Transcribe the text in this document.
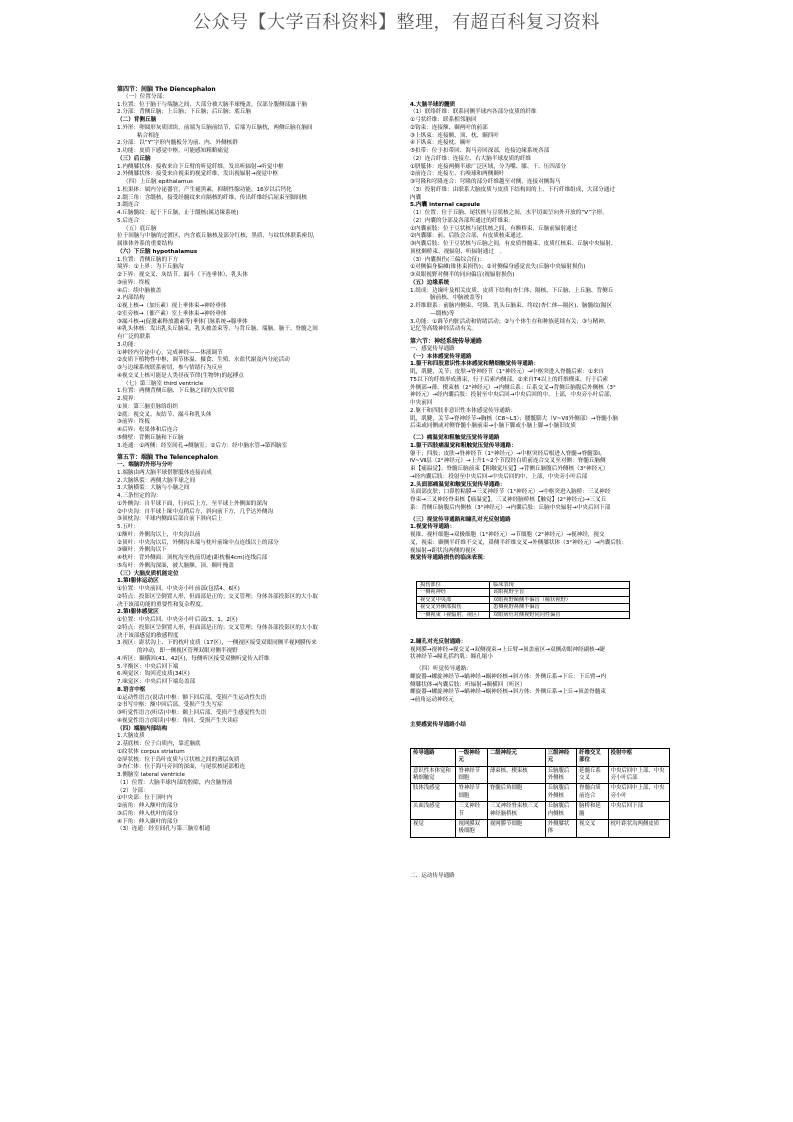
公众号【大学百科资料】整理，有超百科复习资料
第四节：间脑 The Diencephalon
（一）位置分部：
1.位置：位于脑干与端脑之间，大部分被大脑半球掩盖，仅部分腹侧部露于脑
2.分部：背侧丘脑；上丘脑；下丘脑；后丘脑；底丘脑
（二）背侧丘脑
1.外形：卵圆形灰质团块，前端为丘脑前结节，后端为丘脑枕，两侧丘脑在脑间
粘合相连
2.分部：以“Y”字形内髓板分为前、内、外侧核群
3.功能：皮质下感觉中枢，可能感知粗略痛觉
（三）后丘脑
1.内侧膝状体：接收来自下丘臂的听觉纤维，发出听辐射→听觉中枢
2.外侧膝状体：接受来自视束的视觉纤维，发出视辐射→视觉中枢
（四）上丘脑 epithalamus
1.松果体：属内分泌器官，产生褪黑素，抑制性腺功能，16岁以后钙化
2.缰三角：含缰核，接受经髓纹来自隔核的纤维，传出纤维经后屈束至脚间核
3.缰连合
4.丘脑髓纹：起于下丘脑，止于缰核(属边缘系统)
5.后连合
（五）底丘脑
位于间脑与中脑的过渡区，内含底丘脑核及部分红核、黑质，与纹状体联系密切，
属锥体外系的重要结构
（六）下丘脑 hypothalamus
1.位置：背侧丘脑的下方
境界：①上界：为下丘脑沟
②下界：视交叉、灰结节、漏斗（下连垂体）、乳头体
③前界：终板
④后：续中脑被盖
2.内部结构
①视上核→（加压素）视上垂体束→神经垂体
②室旁核→（催产素）室上垂体束→神经垂体
③漏斗核→(促激素释放激素等)垂体门脉系统→腺垂体
④乳头体核：发出乳头丘脑束，乳头被盖束等，与背丘脑、端脑、脑干、脊髓之间
有广泛的联系
3.功能：
①神经内分泌中心，完成神经——体液调节
②皮质下植物性中枢，调节体温、摄食、生殖、水盐代谢及内分泌活动
③与边缘系统联系密切，参与情绪行为反应
④视交叉上核可能是人类昼夜节律(生物钟)的起搏点
（七）第三脑室 third ventricle
1.位置：两侧背侧丘脑、下丘脑之间的矢状窄隙
2.境界：
①顶：第三脑室脉络组织
②底：视交叉、灰结节、漏斗和乳头体
③前界：终板
④后界：松果体和后连合
⑤侧壁：背侧丘脑和下丘脑
3.连通：①两侧：经室间孔→侧脑室；②后方：经中脑水管→第四脑室
第五节：端脑 The Telencephalon
一、端脑的外形与分叶
1.端脑由两大脑半球借胼胝体连接而成
2.大脑纵裂：两侧大脑半球之间
3.大脑横裂：大脑与小脑之间
4.三条恒定的沟：
①外侧沟：自半球下面，行向后上方，至半球上外侧面的深沟
②中央沟：自半球上缘中点稍后方，斜向前下方，几乎达外侧沟
③顶枕沟：半球内侧面后部自前下斜向后上
5.五叶：
①额叶：外侧沟以上，中央沟以前
②顶叶：中央沟以后，外侧沟末端与枕叶前缘中点连线以上的部分
③颞叶：外侧沟以下
④枕叶：背外侧面：顶枕沟至枕前切迹(距枕极4cm)连线后部
⑤岛叶：外侧沟深面，被大脑额、顶、颞叶掩盖
（三）大脑皮质机能定位
1.第I躯体运动区
①位置：中央前回、中央旁小叶前部(包括4、6区)
②特点：投影区呈倒置人形，但面部是正的；交叉管理；身体各部投影区的大小取
决于该部功能的重要性和复杂程度。
2.第I躯体感觉区
①位置：中央后回、中央旁小叶后部(3、1、2区)
②特点：投影区呈倒置人形，但面部是正的；交叉管理；身体各部投影区的大小取
决于该部感觉的敏感程度
3.视区：距状沟上、下的枕叶皮质（17区），一侧视区接受双眼同侧半视网膜传来
的冲动，即一侧视区管理双眼对侧半视野
4.听区：颞横回(41、42区)，每侧听区接受双侧听觉传入纤维
5.平衡区：中央后回下端
6.嗅觉区：钩回近皮质(34区)
7.味觉区：中央后回下端岛盖部
8.语言中枢
①运动性语言(说话)中枢：额下回后部，受损产生运动性失语
②书写中枢：额中回后部，受损产生失写症
③听觉性语言(听话)中枢：颞上回后部，受损产生感觉性失语
④视觉性语言(阅读)中枢：角回，受损产生失读症
（四）端脑内部结构
1.大脑皮质
2.基底核：位于白质内，靠近脑底
①纹状体 corpus striatum
②屏状核：位于岛叶皮质与豆状核之间的薄层灰质
③杏仁体：位于海马旁回的深面，与尾状核尾部相连
3.侧脑室 lateral ventricle
（1）位置：大脑半球内部的腔隙，内含脑脊液
（2）分部：
①中央部：位于顶叶内
②前角：伸入额叶的部分
③后角：伸入枕叶的部分
④下角：伸入颞叶的部分
（3）连通：经室间孔与第三脑室相通

4.大脑半球的髓质
（1）联络纤维：联系同侧半球内各部分皮质的纤维
①弓状纤维：联系相邻脑回
②钩束：连接额、颞两叶的前部
③上纵束：连接额、顶、枕、颞四叶
④下纵束：连接枕、颞叶
⑤扣带：位于扣带回、海马旁回深部，连接边缘系统各部
（2）连合纤维：连接左、右大脑半球皮质的纤维
①胼胝体：连接两侧半球广泛区域，分为嘴、膝、干、压四部分
②前连合：连接左、右嗅球和两侧颞叶
③穹隆和穹隆连合：穹隆的部分纤维越至对侧，连接对侧海马
（3）投射纤维：由联系大脑皮质与皮质下结构间的上、下行纤维组成，大部分通过
内囊
5.内囊 internal capsule
（1）位置：位于丘脑、尾状核与豆状核之间，水平切面呈向外开放的“V”字形。
（2）内囊的分部及各部所通过的纤维束：
①内囊前肢：位于豆状核与尾状核之间，有额桥束、丘脑前辐射通过
②内囊膝：前、后肢会合部，有皮质核束通过。
③内囊后肢：位于豆状核与丘脑之间，有皮质脊髓束、皮质红核束、丘脑中央辐射、
顶枕颞桥束、视辐射、听辐射通过　。
（3）内囊损伤(三偏综合征)：
①对侧偏身偏瘫(锥体束损伤)；②对侧偏身感觉丧失(丘脑中央辐射损伤)
③双眼视野对侧半的同向偏盲(视辐射损伤)
（五）边缘系统
1.组成：边缘叶及相关皮质、皮质下结构(杏仁体、隔核、下丘脑、上丘脑、背侧丘
脑前核、中脑被盖等)
2.纤维联系：前脑内侧束、穹隆、乳头丘脑束、终纹(杏仁体—隔区)、脑髓纹(隔区
—缰核)等
3.功能：①调节内脏活动和情绪活动；②与个体生存和种族延续有关；③与精神、
记忆等高级神经活动有关。
第六节：神经系统传导通路
一、感觉传导通路
（一）本体感觉传导通路
1.躯干和四肢意识性本体感觉和精细触觉传导通路：
肌，肌腱，关节；皮肤→脊神经节（1°神经元）→中枢突进入脊髓后索：①来自
T5以下的纤维形成薄束，行于后索内侧部。②来自T4以上的纤维楔束，行于后索
外侧部→薄、楔束核（2°神经元）→内侧丘系：丘系交叉→背侧丘脑腹后外侧核（3°
神经元）→经内囊后肢：投射至中央后回→中央后回的中、上部，中央旁小叶后部，
中央前回
2.躯干和四肢非意识性本体感觉传导通路：
肌，肌腱，关节→脊神经节→胸核（C8~L3）；腰骶膨大（V~VII外侧部）→脊髓小脑
后束或同侧或对侧脊髓小脑前束→小脑下脚或小脑上脚→小脑旧皮质
（二）痛温觉和粗触觉压觉传导通路
1.躯干四肢痛温觉和粗触觉压觉传导通路：
躯干；四肢；皮肤→脊神经节（1°神经元）→中枢突经后根进入脊髓→脊髓第Ⅰ,
Ⅳ~Ⅶ层（2°神经元）→上升1~2个节段经白质前连合交叉至对侧：脊髓丘脑侧
束【痛温觉】；脊髓丘脑前束【粗触觉压觉】→背侧丘脑腹后外侧核（3°神经元）
→经内囊后肢：投射至中央后回→中央后回的中、上部，中央旁小叶后部
2.头面部痛温觉和触觉压觉传导通路：
头面部皮肤；口鼻腔粘膜→三叉神经节（1°神经元）→中枢突进入脑桥：三叉神经
脊束→三叉神经脊束核【痛温觉】，三叉神经脑桥核【触觉】(2°神经元)→三叉丘
系：背侧丘脑腹后内侧核（3°神经元）→内囊后肢：丘脑中央辐射→中央后回下部
（三）视觉传导通路和瞳孔对光反射通路
1.视觉传导通路：
视锥、视杆细胞→双极细胞（1°神经元）→节细胞（2°神经元）→视神经，视交
叉，视束：颞侧半纤维不交叉，鼻侧半纤维交叉→外侧膝状体（3°神经元）→内囊后肢：
视辐射→距状沟两侧的视区
视觉传导通路损伤的临床表现：

损伤部位	临床表现
一侧视神经	该眼视野全盲
视交叉中央部	双眼视野颞侧半偏盲（稀状视野）
视交叉外侧部损伤	患侧视野鼻侧半偏盲
一侧视束（视辐射、视区）	双眼病灶对侧视野同向性偏盲

2.瞳孔对光反射通路：
视网膜→视神经→视交叉→双侧视束→上丘臂→顶盖前区→双侧动眼神经副核→睫
状神经节→瞳孔括约肌：瞳孔缩小
（四）听觉传导通路：
螺旋器→螺旋神经节→蜗神经→蜗神经核→斜方体：外侧丘系→下丘：下丘臂→内
侧膝状体→内囊后肢：听辐射→颞横回（听区）
螺旋器→螺旋神经节→蜗神经→蜗神经核→斜方体：外侧丘系→上丘→顶盖脊髓束
→前角运动神经元

主要感觉传导通路小结

传导通路	一级神经元	二级神经元	三级神经元	纤维交叉部位	投射中枢
意识性本体觉和精细触觉	脊神经节细胞	薄束核、楔束核	丘脑腹后外侧核	延髓丘系交叉	中央后回中上部、中央旁小叶后部
肢体浅感觉	脊神经节细胞	脊髓后角细胞	丘脑腹后外侧核	脊髓白质前连合	中央后回中上部、中央旁小叶
头面浅感觉	三叉神经节	三叉神经脊束核三叉神经脑桥核	丘脑腹后内侧核	脑桥和延髓	中央后回下部
视觉	视网膜双极细胞	视网膜节细胞	外侧膝状体	视交叉	枕叶距状沟两侧皮质

二、运动传导通路
